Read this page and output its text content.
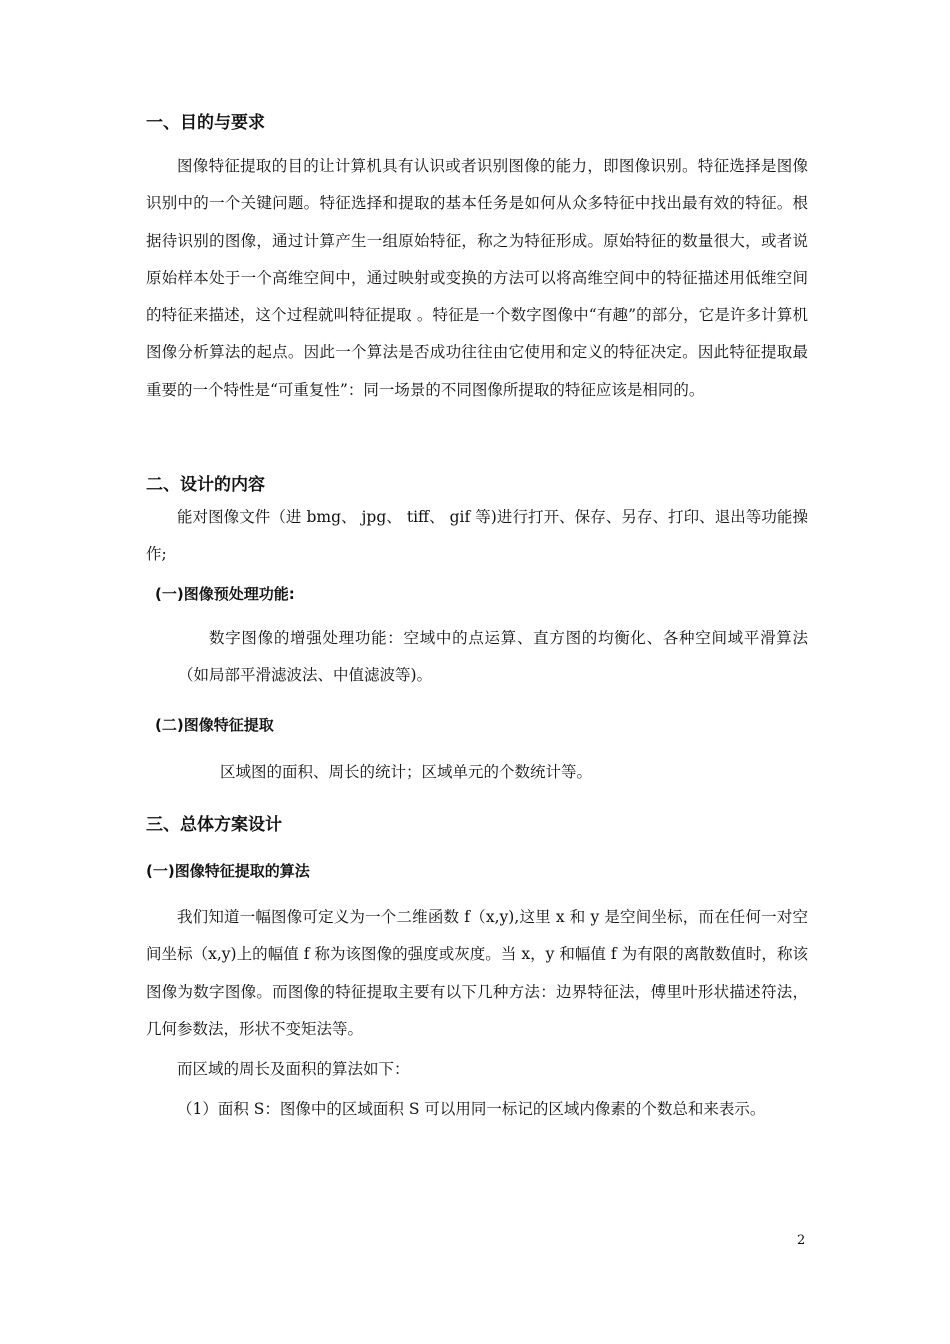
一、目的与要求

图像特征提取的目的让计算机具有认识或者识别图像的能力，即图像识别。特征选择是图像识别中的一个关键问题。特征选择和提取的基本任务是如何从众多特征中找出最有效的特征。根据待识别的图像，通过计算产生一组原始特征，称之为特征形成。原始特征的数量很大，或者说原始样本处于一个高维空间中，通过映射或变换的方法可以将高维空间中的特征描述用低维空间的特征来描述，这个过程就叫特征提取 。特征是一个数字图像中“有趣”的部分，它是许多计算机图像分析算法的起点。因此一个算法是否成功往往由它使用和定义的特征决定。因此特征提取最重要的一个特性是“可重复性”：同一场景的不同图像所提取的特征应该是相同的。

二、设计的内容

能对图像文件（进 bmg、 jpg、 tiff、 gif 等)进行打开、保存、另存、打印、退出等功能操作;

(一)图像预处理功能:

数字图像的增强处理功能：空域中的点运算、直方图的均衡化、各种空间域平滑算法（如局部平滑滤波法、中值滤波等)。

(二)图像特征提取

区域图的面积、周长的统计；区域单元的个数统计等。

三、总体方案设计
(一)图像特征提取的算法

我们知道一幅图像可定义为一个二维函数 f（x,y),这里 x 和 y 是空间坐标，而在任何一对空间坐标（x,y)上的幅值 f 称为该图像的强度或灰度。当 x，y 和幅值 f 为有限的离散数值时，称该图像为数字图像。而图像的特征提取主要有以下几种方法：边界特征法，傅里叶形状描述符法，几何参数法，形状不变矩法等。

而区域的周长及面积的算法如下：

（1）面积 S：图像中的区域面积 S 可以用同一标记的区域内像素的个数总和来表示。

2
